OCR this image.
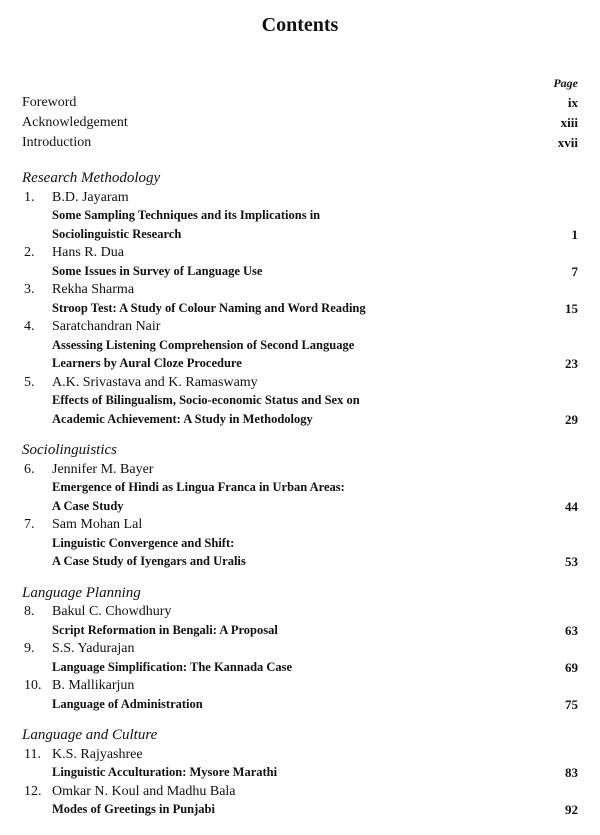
Contents
Page
Foreword	ix
Acknowledgement	xiii
Introduction	xvii
Research Methodology
1. B.D. Jayaram
Some Sampling Techniques and its Implications in
Sociolinguistic Research	1
2. Hans R. Dua
Some Issues in Survey of Language Use	7
3. Rekha Sharma
Stroop Test: A Study of Colour Naming and Word Reading	15
4. Saratchandran Nair
Assessing Listening Comprehension of Second Language
Learners by Aural Cloze Procedure	23
5. A.K. Srivastava and K. Ramaswamy
Effects of Bilingualism, Socio-economic Status and Sex on
Academic Achievement: A Study in Methodology	29
Sociolinguistics
6. Jennifer M. Bayer
Emergence of Hindi as Lingua Franca in Urban Areas:
A Case Study	44
7. Sam Mohan Lal
Linguistic Convergence and Shift:
A Case Study of Iyengars and Uralis	53
Language Planning
8. Bakul C. Chowdhury
Script Reformation in Bengali: A Proposal	63
9. S.S. Yadurajan
Language Simplification: The Kannada Case	69
10. B. Mallikarjun
Language of Administration	75
Language and Culture
11. K.S. Rajyashree
Linguistic Acculturation: Mysore Marathi	83
12. Omkar N. Koul and Madhu Bala
Modes of Greetings in Punjabi	92
